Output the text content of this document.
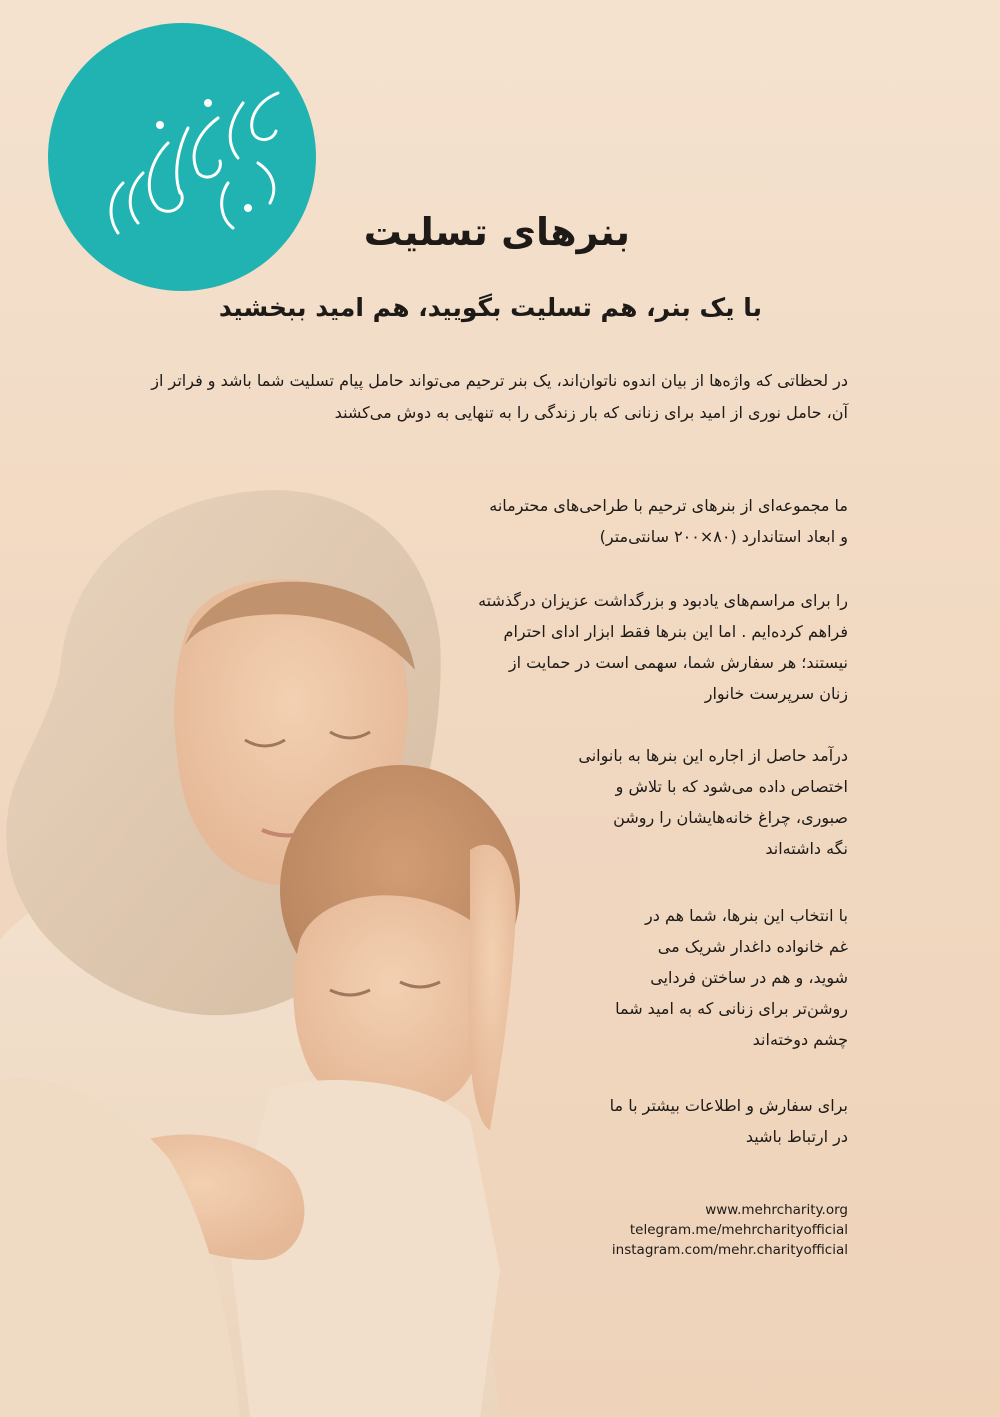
بنرهای تسلیت
با یک بنر، هم تسلیت بگویید، هم امید ببخشید
در لحظاتی که واژه‌ها از بیان اندوه ناتوان‌اند، یک بنر ترحیم می‌تواند حامل پیام تسلیت شما باشد و فراتر از آن، حامل نوری از امید برای زنانی که بار زندگی را به تنهایی به دوش می‌کشند
ما مجموعه‌ای از بنرهای ترحیم با طراحی‌های محترمانه
و ابعاد استاندارد (۸۰×۲۰۰ سانتی‌متر)
را برای مراسم‌های یادبود و بزرگداشت عزیزان درگذشته
فراهم کرده‌ایم . اما این بنرها فقط ابزار ادای احترام
نیستند؛ هر سفارش شما، سهمی است در حمایت از
زنان سرپرست خانوار
درآمد حاصل از اجاره این بنرها به بانوانی
اختصاص داده می‌شود که با تلاش و
صبوری، چراغ خانه‌هایشان را روشن
نگه داشته‌اند
با انتخاب این بنرها، شما هم در
غم خانواده داغدار شریک می
شوید، و هم در ساختن فردایی
روشن‌تر برای زنانی که به امید شما
چشم دوخته‌اند
برای سفارش و اطلاعات بیشتر با ما
در ارتباط باشید
www.mehrcharity.org
telegram.me/mehrcharityofficial
instagram.com/mehr.charityofficial
